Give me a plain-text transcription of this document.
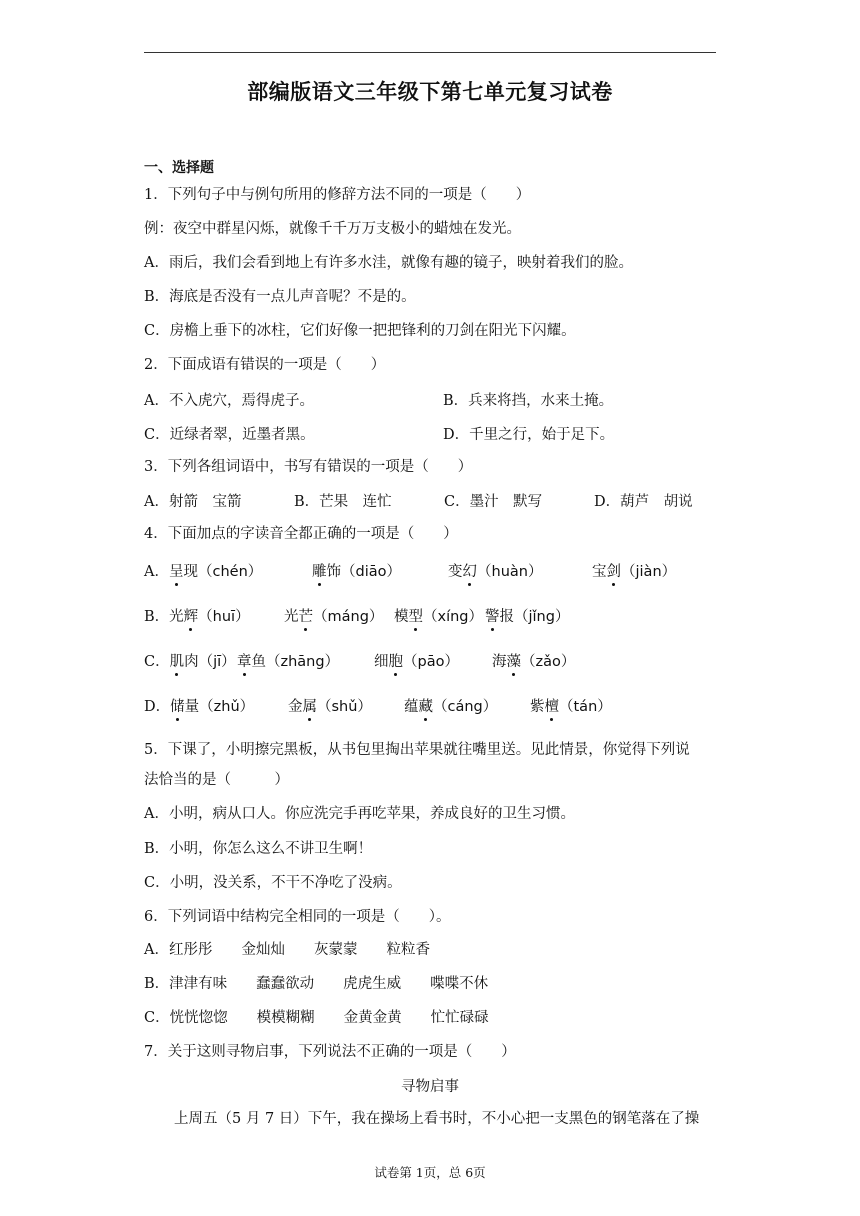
部编版语文三年级下第七单元复习试卷
一、选择题
1．下列句子中与例句所用的修辞方法不同的一项是（　　）
例：夜空中群星闪烁，就像千千万万支极小的蜡烛在发光。
A．雨后，我们会看到地上有许多水洼，就像有趣的镜子，映射着我们的脸。
B．海底是否没有一点儿声音呢？不是的。
C．房檐上垂下的冰柱，它们好像一把把锋利的刀剑在阳光下闪耀。
2．下面成语有错误的一项是（　　）
A．不入虎穴，焉得虎子。	B．兵来将挡，水来土掩。
C．近绿者翠，近墨者黑。	D．千里之行，始于足下。
3．下列各组词语中，书写有错误的一项是（　　）
A．射箭　宝箭	B．芒果　连忙	C．墨汁　默写	D．葫芦　胡说
4．下面加点的字读音全都正确的一项是（　　）
5．下课了，小明擦完黑板，从书包里掏出苹果就往嘴里送。见此情景，你觉得下列说
法恰当的是（　　　）
A．小明，病从口人。你应洗完手再吃苹果，养成良好的卫生习惯。
B．小明，你怎么这么不讲卫生啊！
C．小明，没关系，不干不净吃了没病。
6．下列词语中结构完全相同的一项是（　　）。
A．红彤彤　　金灿灿　　灰蒙蒙　　粒粒香
B．津津有味　　蠢蠢欲动　　虎虎生威　　喋喋不休
C．恍恍惚惚　　模模糊糊　　金黄金黄　　忙忙碌碌
7．关于这则寻物启事，下列说法不正确的一项是（　　）
寻物启事
上周五（5 月 7 日）下午，我在操场上看书时，不小心把一支黑色的钢笔落在了操
试卷第 1页，总 6页
A．呈现（chén）	雕饰（diāo）	变幻（huàn）	宝剑（jiàn）
B．光辉（huī） 光芒（máng） 模型（xíng） 警报（jǐng）
C．肌肉（jī） 章鱼（zhāng） 细胞（pāo） 海藻（zǎo）
D．储量（zhǔ） 金属（shǔ） 蕴藏（cáng） 紫檀（tán）
